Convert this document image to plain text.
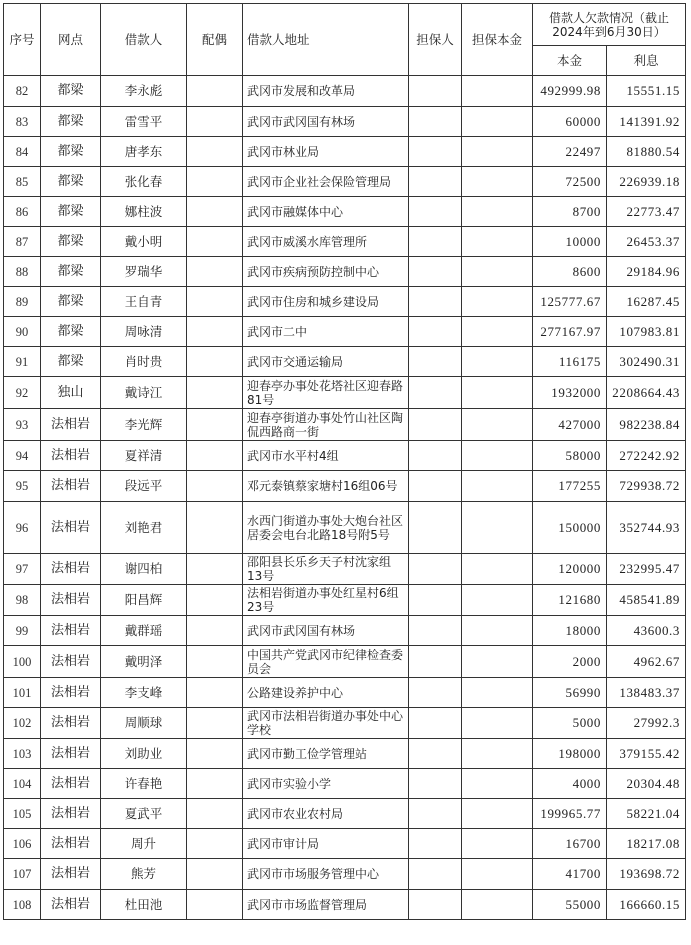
序号	网点	借款人	配偶	借款人地址	担保人	担保本金	借款人欠款情况（截止2024年到6月30日）	
							本金	利息
82	都梁	李永彪		武冈市发展和改革局			492999.98	15551.15
83	都梁	雷雪平		武冈市武冈国有林场			60000	141391.92
84	都梁	唐孝东		武冈市林业局			22497	81880.54
85	都梁	张化春		武冈市企业社会保险管理局			72500	226939.18
86	都梁	娜柱波		武冈市融媒体中心			8700	22773.47
87	都梁	戴小明		武冈市威溪水库管理所			10000	26453.37
88	都梁	罗瑞华		武冈市疾病预防控制中心			8600	29184.96
89	都梁	王自青		武冈市住房和城乡建设局			125777.67	16287.45
90	都梁	周咏清		武冈市二中			277167.97	107983.81
91	都梁	肖时贵		武冈市交通运输局			116175	302490.31
92	独山	戴诗江		迎春亭办事处花塔社区迎春路81号			1932000	2208664.43
93	法相岩	李光辉		迎春亭街道办事处竹山社区陶侃西路商一街			427000	982238.84
94	法相岩	夏祥清		武冈市水平村4组			58000	272242.92
95	法相岩	段远平		邓元泰镇蔡家塘村16组06号			177255	729938.72
96	法相岩	刘艳君		水西门街道办事处大炮台社区居委会电台北路18号附5号			150000	352744.93
97	法相岩	谢四柏		邵阳县长乐乡天子村沈家组13号			120000	232995.47
98	法相岩	阳昌辉		法相岩街道办事处红星村6组23号			121680	458541.89
99	法相岩	戴群瑶		武冈市武冈国有林场			18000	43600.3
100	法相岩	戴明泽		中国共产党武冈市纪律检查委员会			2000	4962.67
101	法相岩	李支峰		公路建设养护中心			56990	138483.37
102	法相岩	周顺球		武冈市法相岩街道办事处中心学校			5000	27992.3
103	法相岩	刘助业		武冈市勤工俭学管理站			198000	379155.42
104	法相岩	许春艳		武冈市实验小学			4000	20304.48
105	法相岩	夏武平		武冈市农业农村局			199965.77	58221.04
106	法相岩	周升		武冈市审计局			16700	18217.08
107	法相岩	熊芳		武冈市市场服务管理中心			41700	193698.72
108	法相岩	杜田池		武冈市市场监督管理局			55000	166660.15
